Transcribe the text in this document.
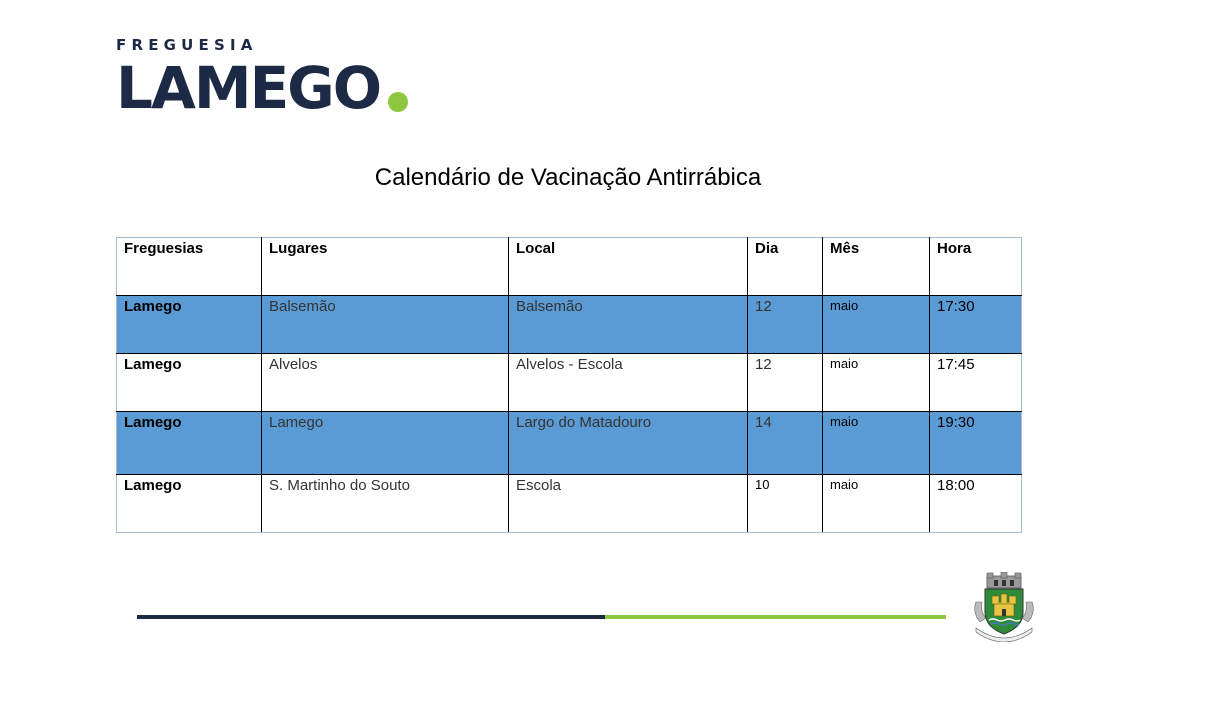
FREGUESIA
LAMEGO
Calendário de Vacinação Antirrábica
Freguesias	Lugares	Local	Dia	Mês	Hora
Lamego	Balsemão	Balsemão	12	maio	17:30
Lamego	Alvelos	Alvelos - Escola	12	maio	17:45
Lamego	Lamego	Largo do Matadouro	14	maio	19:30
Lamego	S. Martinho do Souto	Escola	10	maio	18:00
